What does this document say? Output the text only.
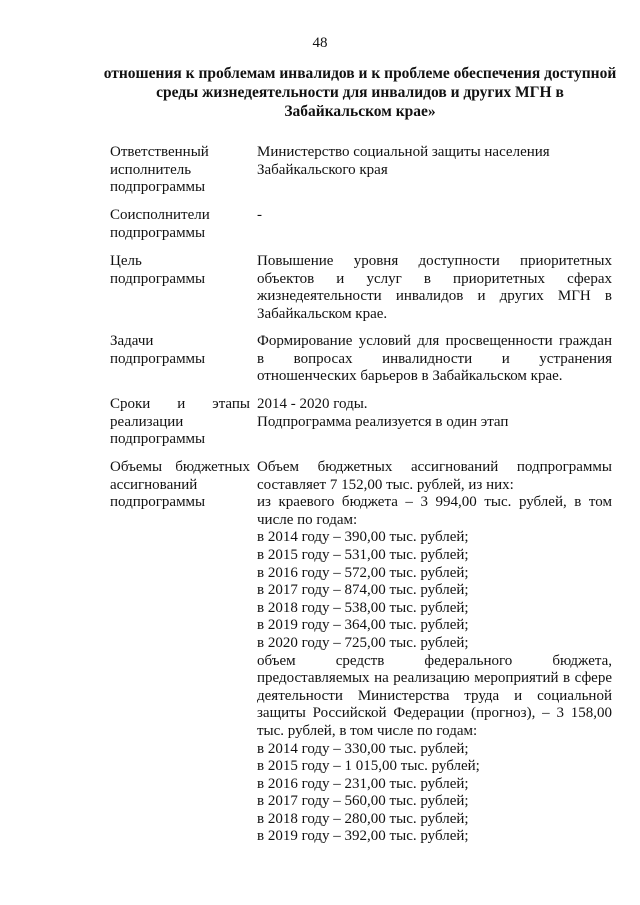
48
отношения к проблемам инвалидов и к проблеме обеспечения доступной
среды жизнедеятельности для инвалидов и других МГН в
Забайкальском крае»
Ответственный
исполнитель
подпрограммы
Министерство социальной защиты населения
Забайкальского края
Соисполнители
подпрограммы
-
Цель
подпрограммы
Повышение уровня доступности приоритетных
объектов и услуг в приоритетных сферах
жизнедеятельности инвалидов и других МГН в
Забайкальском крае.
Задачи
подпрограммы
Формирование условий для просвещенности граждан
в вопросах инвалидности и устранения
отношенческих барьеров в Забайкальском крае.
Сроки и этапы
реализации
подпрограммы
2014 - 2020 годы.
Подпрограмма реализуется в один этап
Объемы бюджетных
ассигнований
подпрограммы
Объем бюджетных ассигнований подпрограммы
составляет 7 152,00 тыс. рублей, из них:
из краевого бюджета – 3 994,00 тыс. рублей, в том
числе по годам:
в 2014 году – 390,00 тыс. рублей;
в 2015 году – 531,00 тыс. рублей;
в 2016 году – 572,00 тыс. рублей;
в 2017 году – 874,00 тыс. рублей;
в 2018 году – 538,00 тыс. рублей;
в 2019 году – 364,00 тыс. рублей;
в 2020 году – 725,00 тыс. рублей;
объем средств федерального бюджета,
предоставляемых на реализацию мероприятий в сфере
деятельности Министерства труда и социальной
защиты Российской Федерации (прогноз), – 3 158,00
тыс. рублей, в том числе по годам:
в 2014 году – 330,00 тыс. рублей;
в 2015 году – 1 015,00 тыс. рублей;
в 2016 году – 231,00 тыс. рублей;
в 2017 году – 560,00 тыс. рублей;
в 2018 году – 280,00 тыс. рублей;
в 2019 году – 392,00 тыс. рублей;
